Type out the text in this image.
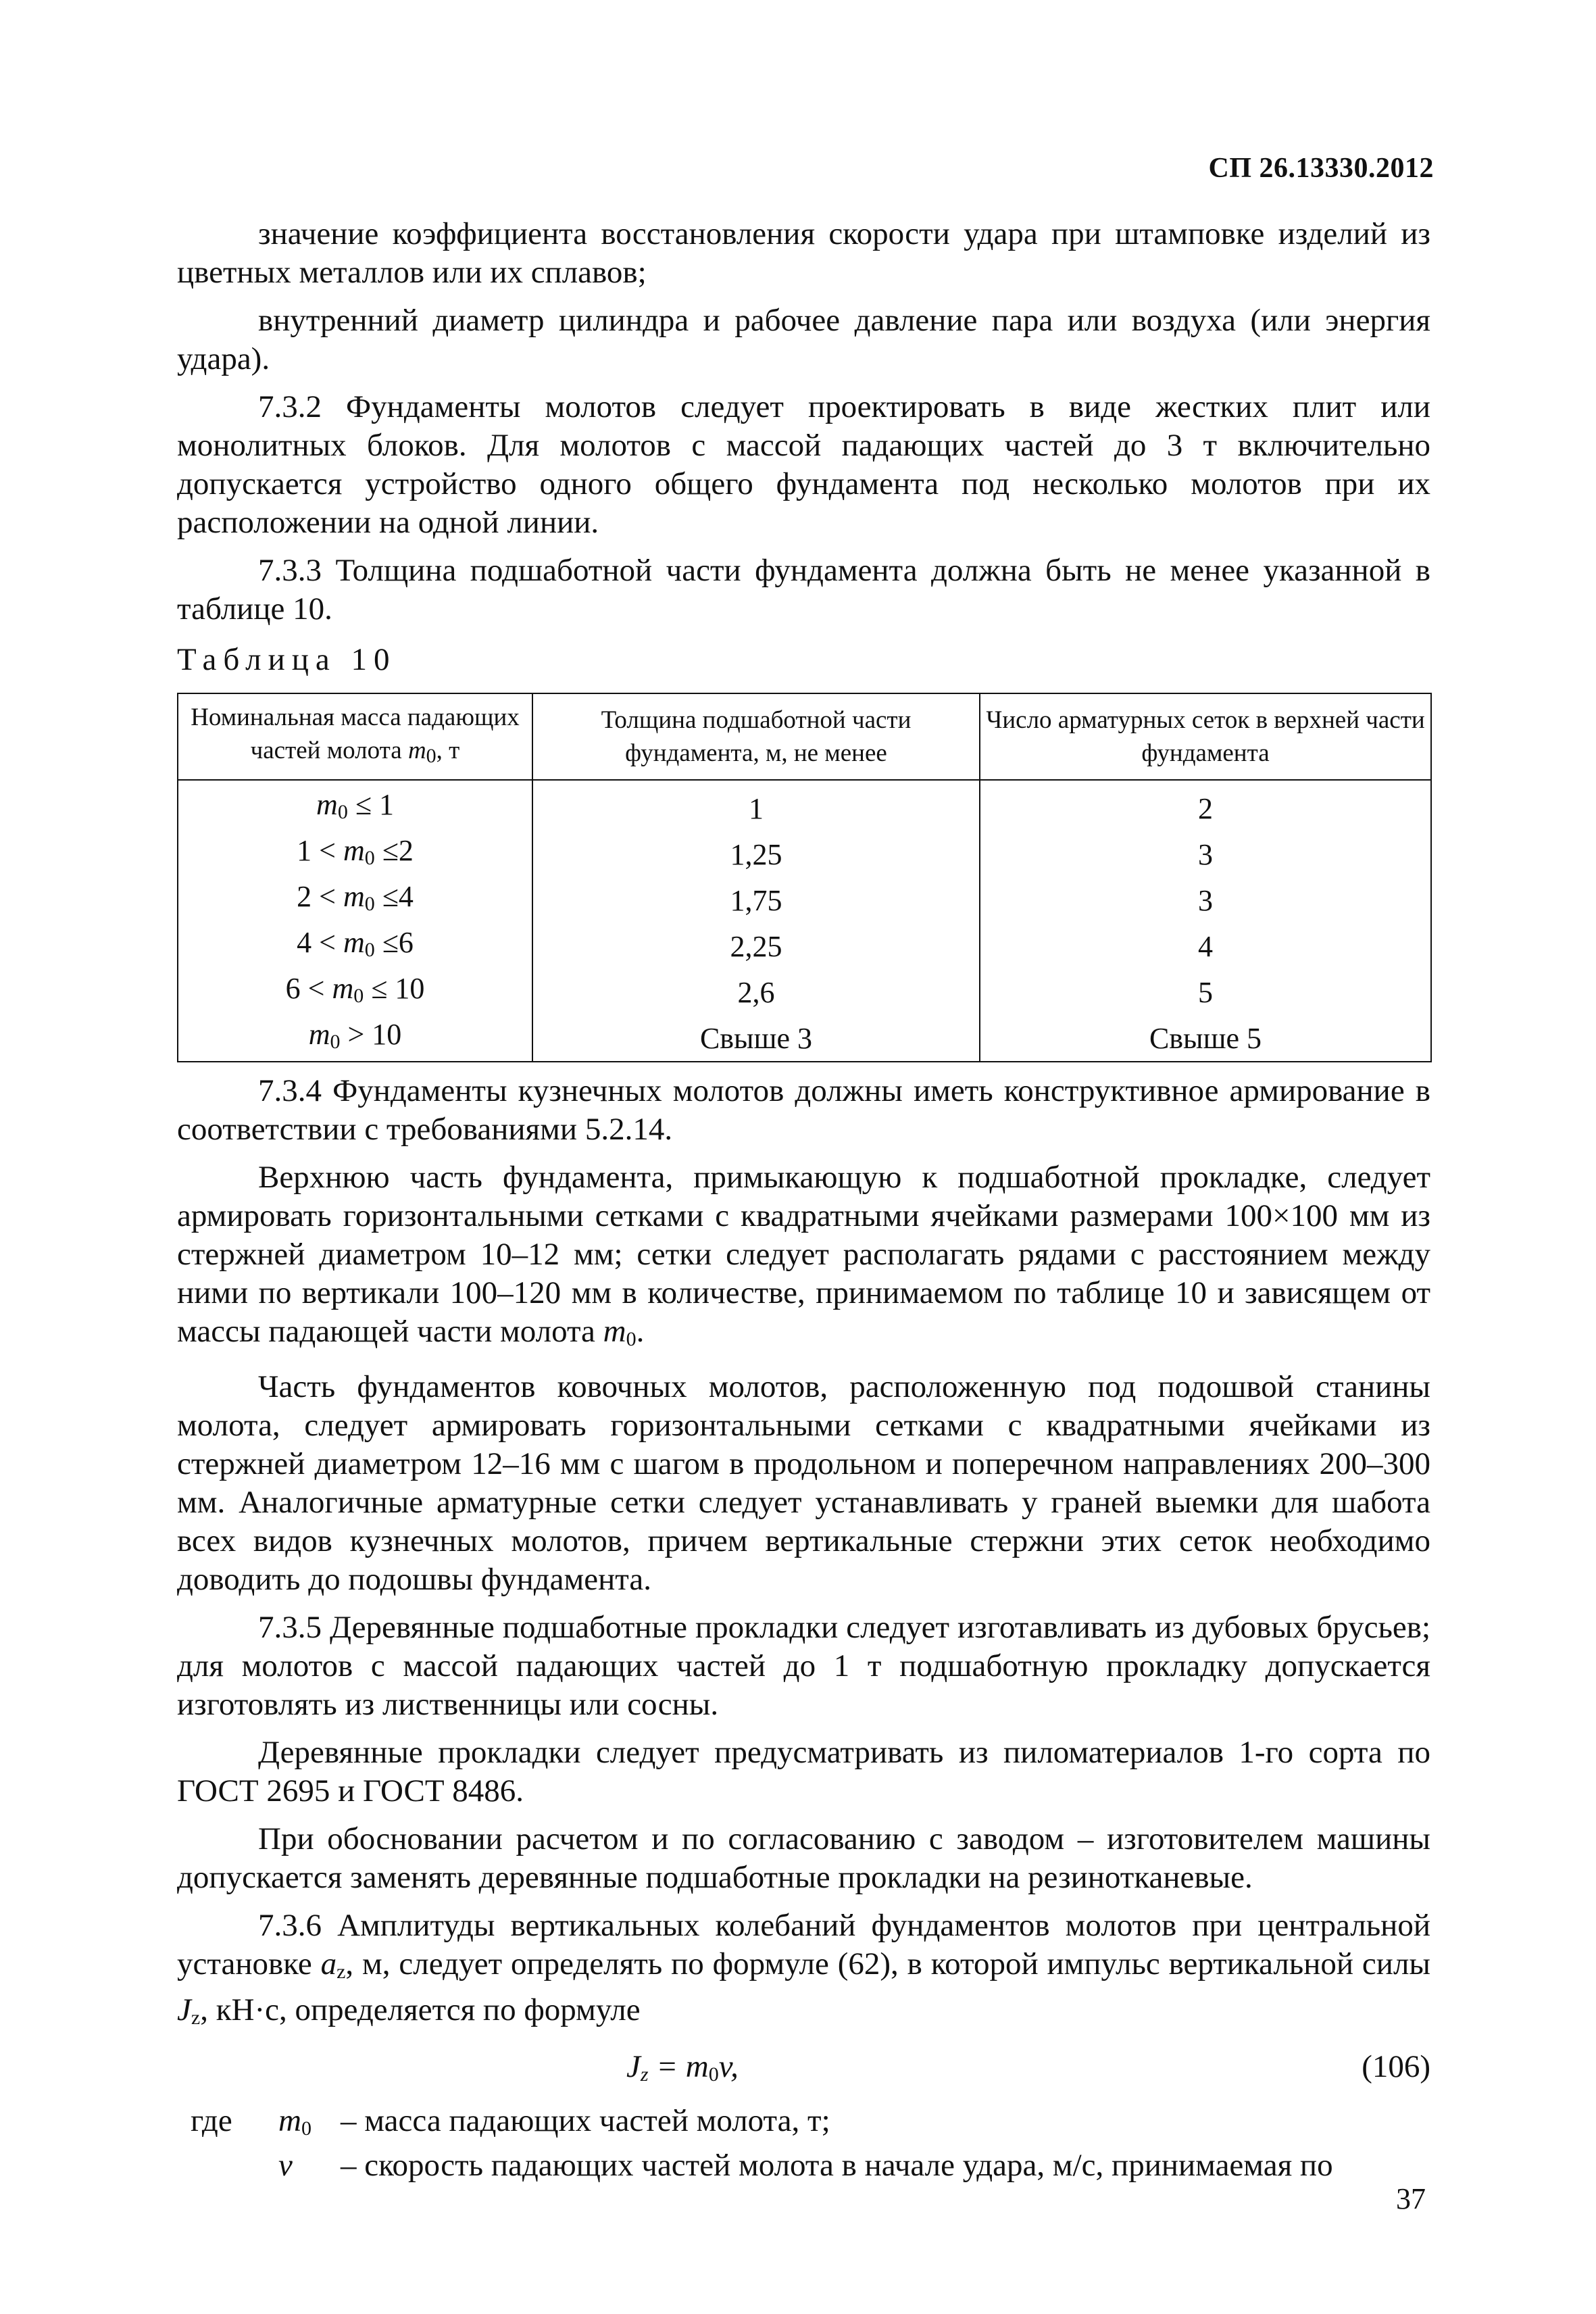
СП 26.13330.2012

значение коэффициента восстановления скорости удара при штамповке изделий из цветных металлов или их сплавов;

внутренний диаметр цилиндра и рабочее давление пара или воздуха (или энергия удара).

7.3.2 Фундаменты молотов следует проектировать в виде жестких плит или монолитных блоков. Для молотов с массой падающих частей до 3 т включительно допускается устройство одного общего фундамента под несколько молотов при их расположении на одной линии.

7.3.3 Толщина подшаботной части фундамента должна быть не менее указанной в таблице 10.

Таблица 10
Номинальная масса падающих частей молота $m_0$, т	Толщина подшаботной части фундамента, м, не менее	Число арматурных сеток в верхней части фундамента
$m_0 \le 1$	1	2
$1 < m_0 \le 2$	1,25	3
$2 < m_0 \le 4$	1,75	3
$4 < m_0 \le 6$	2,25	4
$6 < m_0 \le 10$	2,6	5
$m_0 > 10$	Свыше 3	Свыше 5

7.3.4 Фундаменты кузнечных молотов должны иметь конструктивное армирование в соответствии с требованиями 5.2.14.

Верхнюю часть фундамента, примыкающую к подшаботной прокладке, следует армировать горизонтальными сетками с квадратными ячейками размерами 100×100 мм из стержней диаметром 10–12 мм; сетки следует располагать рядами с расстоянием между ними по вертикали 100–120 мм в количестве, принимаемом по таблице 10 и зависящем от массы падающей части молота $m_0$.

Часть фундаментов ковочных молотов, расположенную под подошвой станины молота, следует армировать горизонтальными сетками с квадратными ячейками из стержней диаметром 12–16 мм с шагом в продольном и поперечном направлениях 200–300 мм. Аналогичные арматурные сетки следует устанавливать у граней выемки для шабота всех видов кузнечных молотов, причем вертикальные стержни этих сеток необходимо доводить до подошвы фундамента.

7.3.5 Деревянные подшаботные прокладки следует изготавливать из дубовых брусьев; для молотов с массой падающих частей до 1 т подшаботную прокладку допускается изготовлять из лиственницы или сосны.

Деревянные прокладки следует предусматривать из пиломатериалов 1-го сорта по ГОСТ 2695 и ГОСТ 8486.

При обосновании расчетом и по согласованию с заводом – изготовителем машины допускается заменять деревянные подшаботные прокладки на резинотканевые.

7.3.6 Амплитуды вертикальных колебаний фундаментов молотов при центральной установке $a_z$, м, следует определять по формуле (62), в которой импульс вертикальной силы $J_z$, кН·с, определяется по формуле

$J_z = m_0v$,	(106)
где $m_0$ – масса падающих частей молота, т;
v – скорость падающих частей молота в начале удара, м/с, принимаемая по
37
